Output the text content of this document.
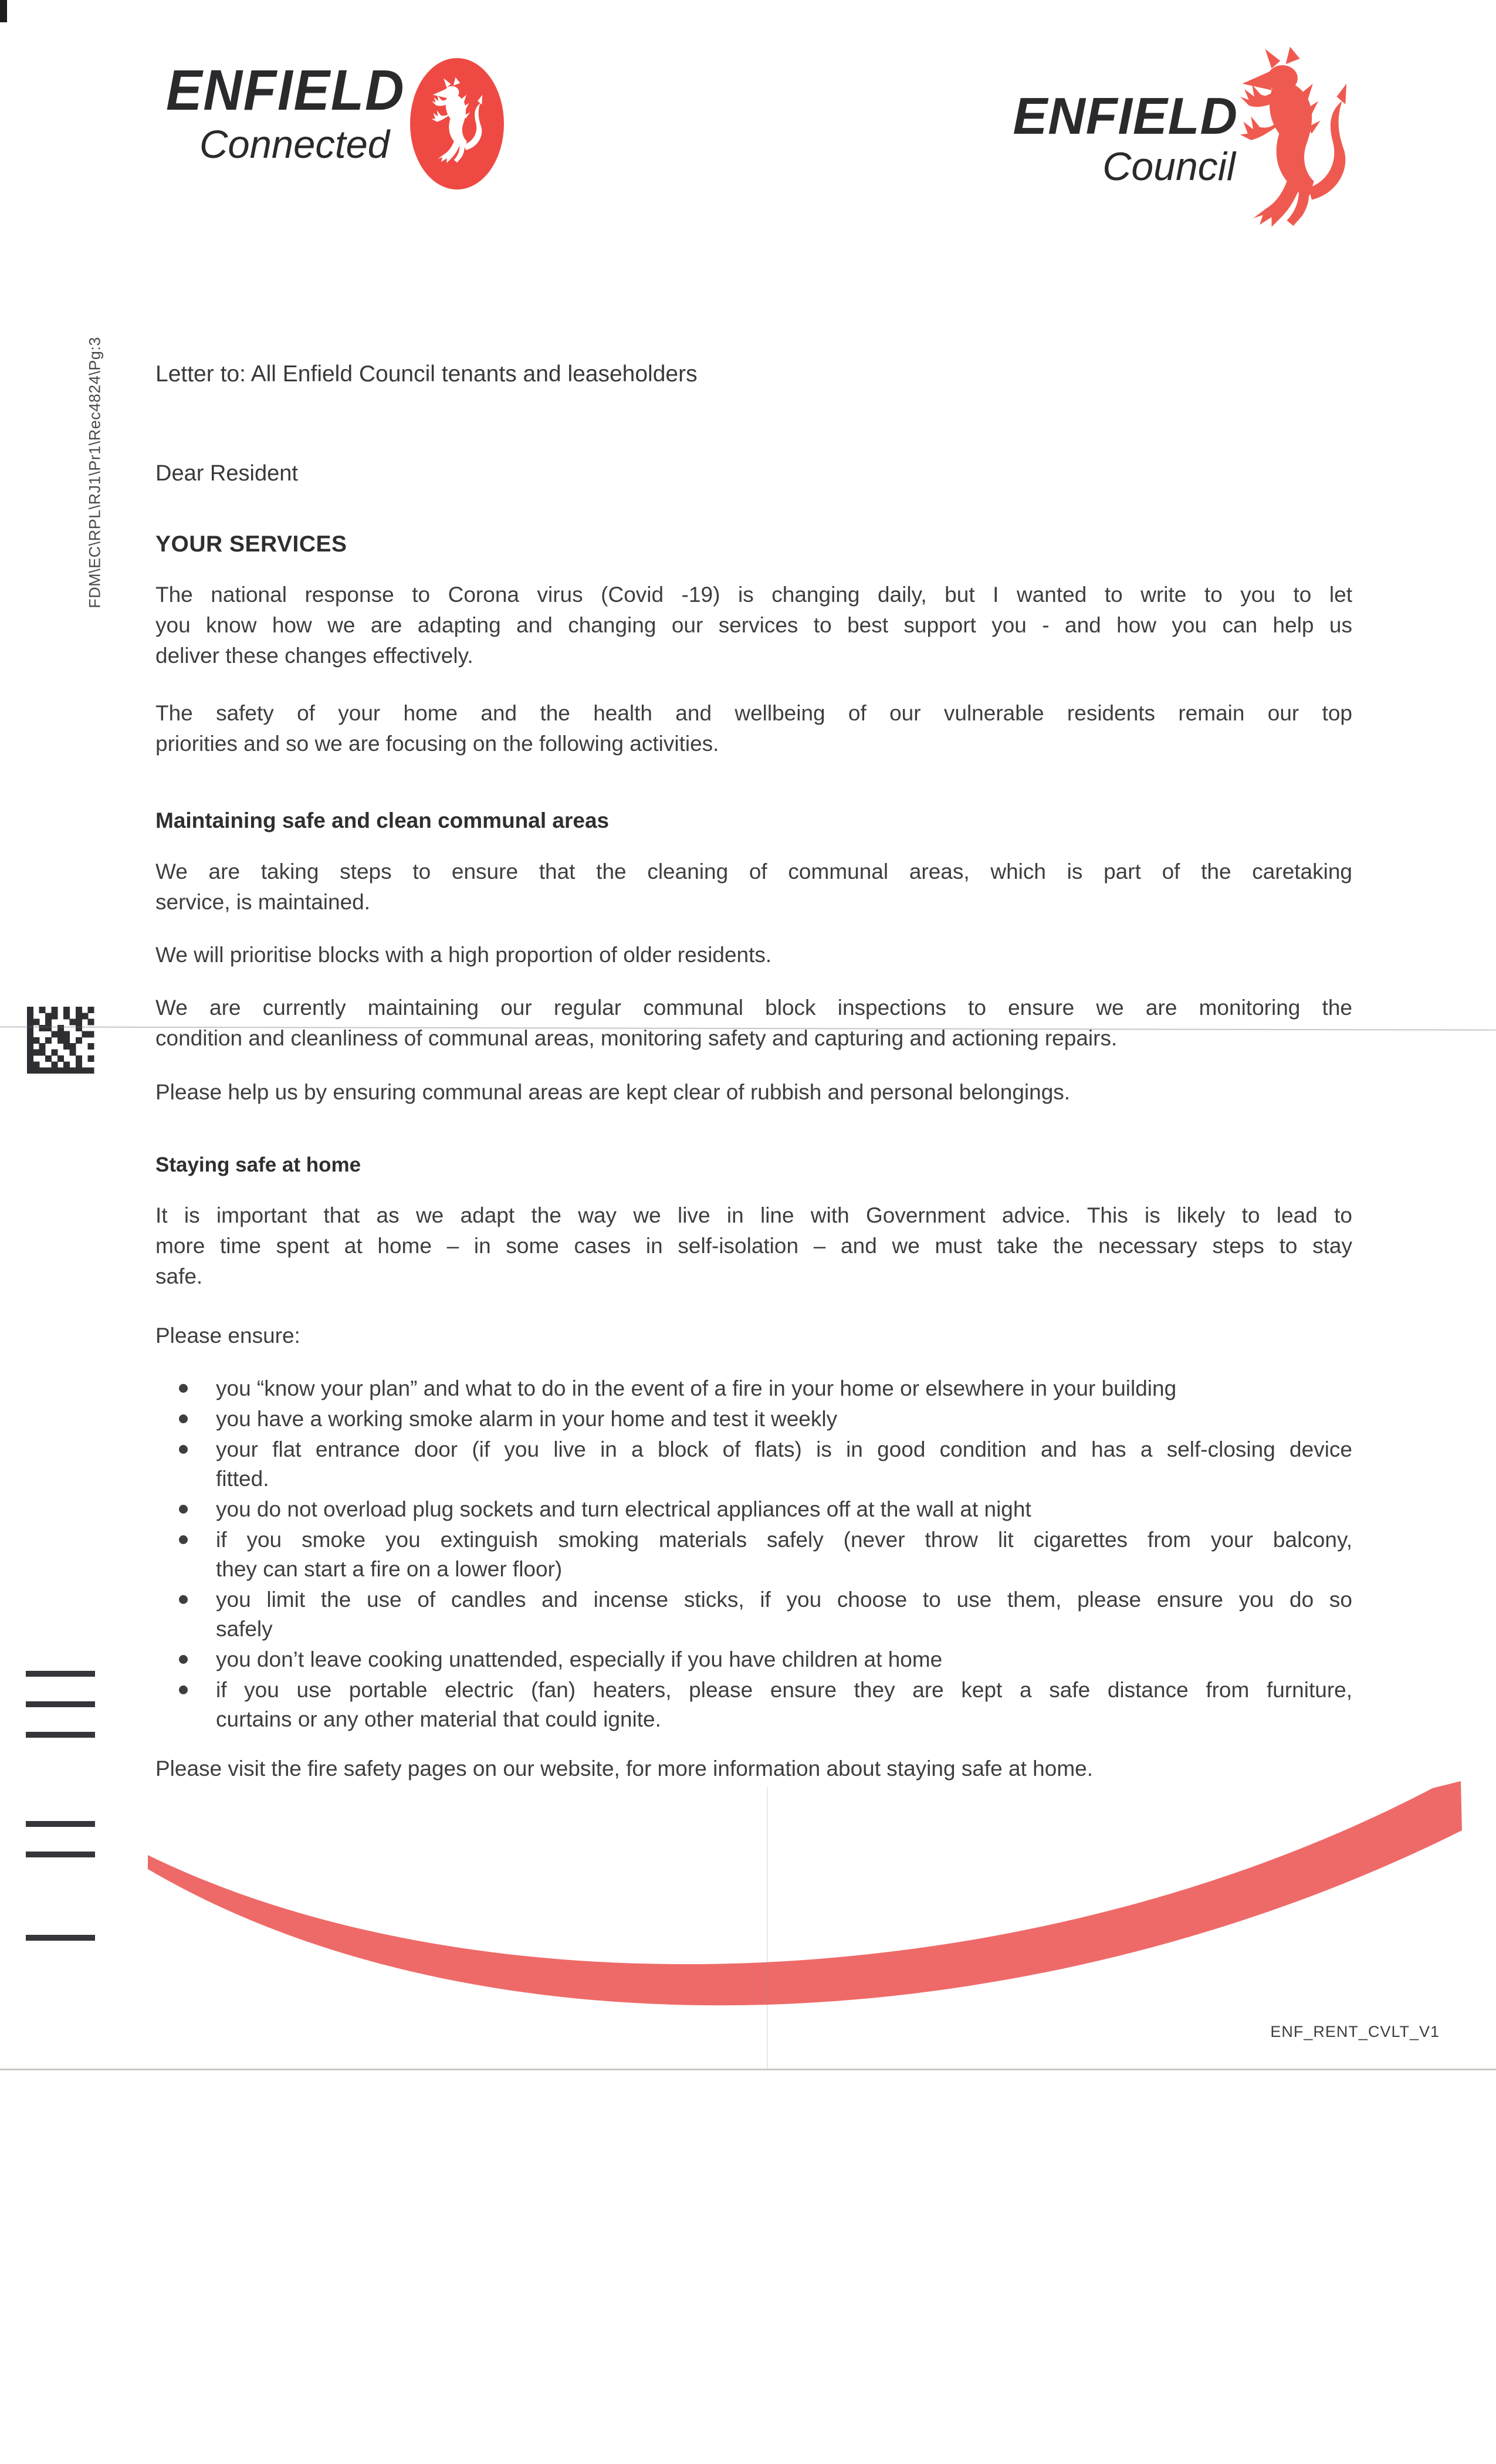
ENFIELD
Connected	ENFIELD
Council
FDM\EC\RPL\RJ1\Pr1\Rec4824\Pg:3 Letter to: All Enfield Council tenants and leaseholders
Dear Resident
YOUR SERVICES
The national response to Corona virus (Covid -19) is changing daily, but I wanted to write to you to let
you know how we are adapting and changing our services to best support you - and how you can help us
deliver these changes effectively.
The safety of your home and the health and wellbeing of our vulnerable residents remain our top
priorities and so we are focusing on the following activities.
Maintaining safe and clean communal areas
We are taking steps to ensure that the cleaning of communal areas, which is part of the caretaking
service, is maintained.
We will prioritise blocks with a high proportion of older residents.
We are currently maintaining our regular communal block inspections to ensure we are monitoring the
condition and cleanliness of communal areas, monitoring safety and capturing and actioning repairs.
Please help us by ensuring communal areas are kept clear of rubbish and personal belongings.
Staying safe at home
It is important that as we adapt the way we live in line with Government advice. This is likely to lead to
more time spent at home – in some cases in self-isolation – and we must take the necessary steps to stay
safe.
Please ensure:
you “know your plan” and what to do in the event of a fire in your home or elsewhere in your building
you have a working smoke alarm in your home and test it weekly
your flat entrance door (if you live in a block of flats) is in good condition and has a self-closing device
fitted.
you do not overload plug sockets and turn electrical appliances off at the wall at night
if you smoke you extinguish smoking materials safely (never throw lit cigarettes from your balcony,
they can start a fire on a lower floor)
you limit the use of candles and incense sticks, if you choose to use them, please ensure you do so
safely
you don’t leave cooking unattended, especially if you have children at home
if you use portable electric (fan) heaters, please ensure they are kept a safe distance from furniture,
curtains or any other material that could ignite.
Please visit the fire safety pages on our website, for more information about staying safe at home.
ENF_RENT_CVLT_V1
